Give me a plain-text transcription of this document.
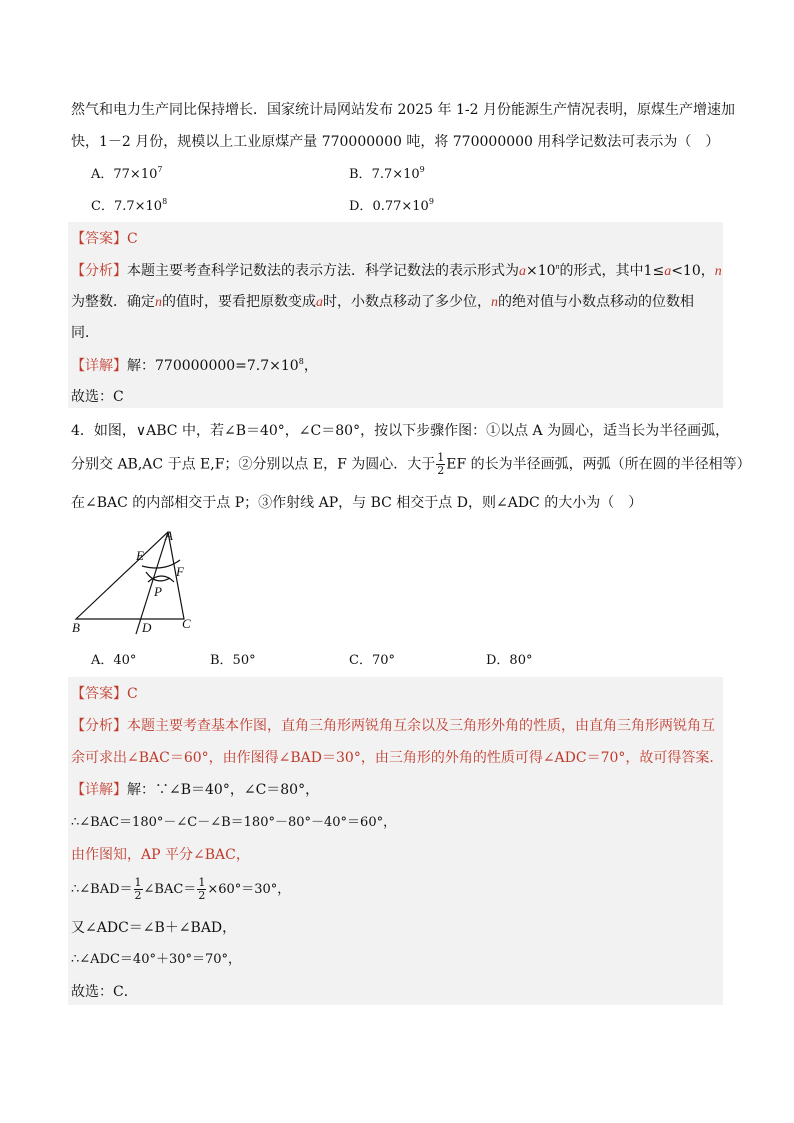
然气和电力生产同比保持增长．国家统计局网站发布 2025 年 1-2 月份能源生产情况表明，原煤生产增速加
快，1－2 月份，规模以上工业原煤产量 770000000 吨，将 770000000 用科学记数法可表示为（　）
A．$77\times 10^7$	B．$7.7\times 10^9$
C．$7.7\times 10^8$	D．$0.77\times 10^9$
【答案】C
【分析】本题主要考查科学记数法的表示方法．科学记数法的表示形式为$a\times 10^n$的形式，其中1≤a<10，n
为整数．确定n的值时，要看把原数变成a时，小数点移动了多少位，n的绝对值与小数点移动的位数相
同．
【详解】解：$770000000=7.7\times 10^8$，
故选：C
4．如图，∨ABC 中，若∠B＝40°，∠C＝80°，按以下步骤作图：①以点 A 为圆心，适当长为半径画弧，
分别交 AB,AC 于点 E,F；②分别以点 E，F 为圆心．大于 $\frac{1}{2}$ EF 的长为半径画弧，两弧（所在圆的半径相等）
在∠BAC 的内部相交于点 P；③作射线 AP，与 BC 相交于点 D，则∠ADC 的大小为（　）
A
E
F
P
B	D C
A．40°	B．50°	C．70°	D．80°
【答案】C
【分析】本题主要考查基本作图，直角三角形两锐角互余以及三角形外角的性质，由直角三角形两锐角互
余可求出∠BAC＝60°，由作图得∠BAD＝30°，由三角形的外角的性质可得∠ADC＝70°，故可得答案．
【详解】解：∵∠B＝40°，∠C＝80°，
∴∠BAC＝180°－∠C－∠B＝180°－80°－40°＝60°，
由作图知，AP 平分∠BAC，
∴∠BAD＝ $\frac{1}{2}$ ∠BAC＝ $\frac{1}{2} \times 60^\circ=30^\circ$，
又∠ADC＝∠B＋∠BAD，
∴∠ADC＝40°＋30°＝70°，
故选：C．
